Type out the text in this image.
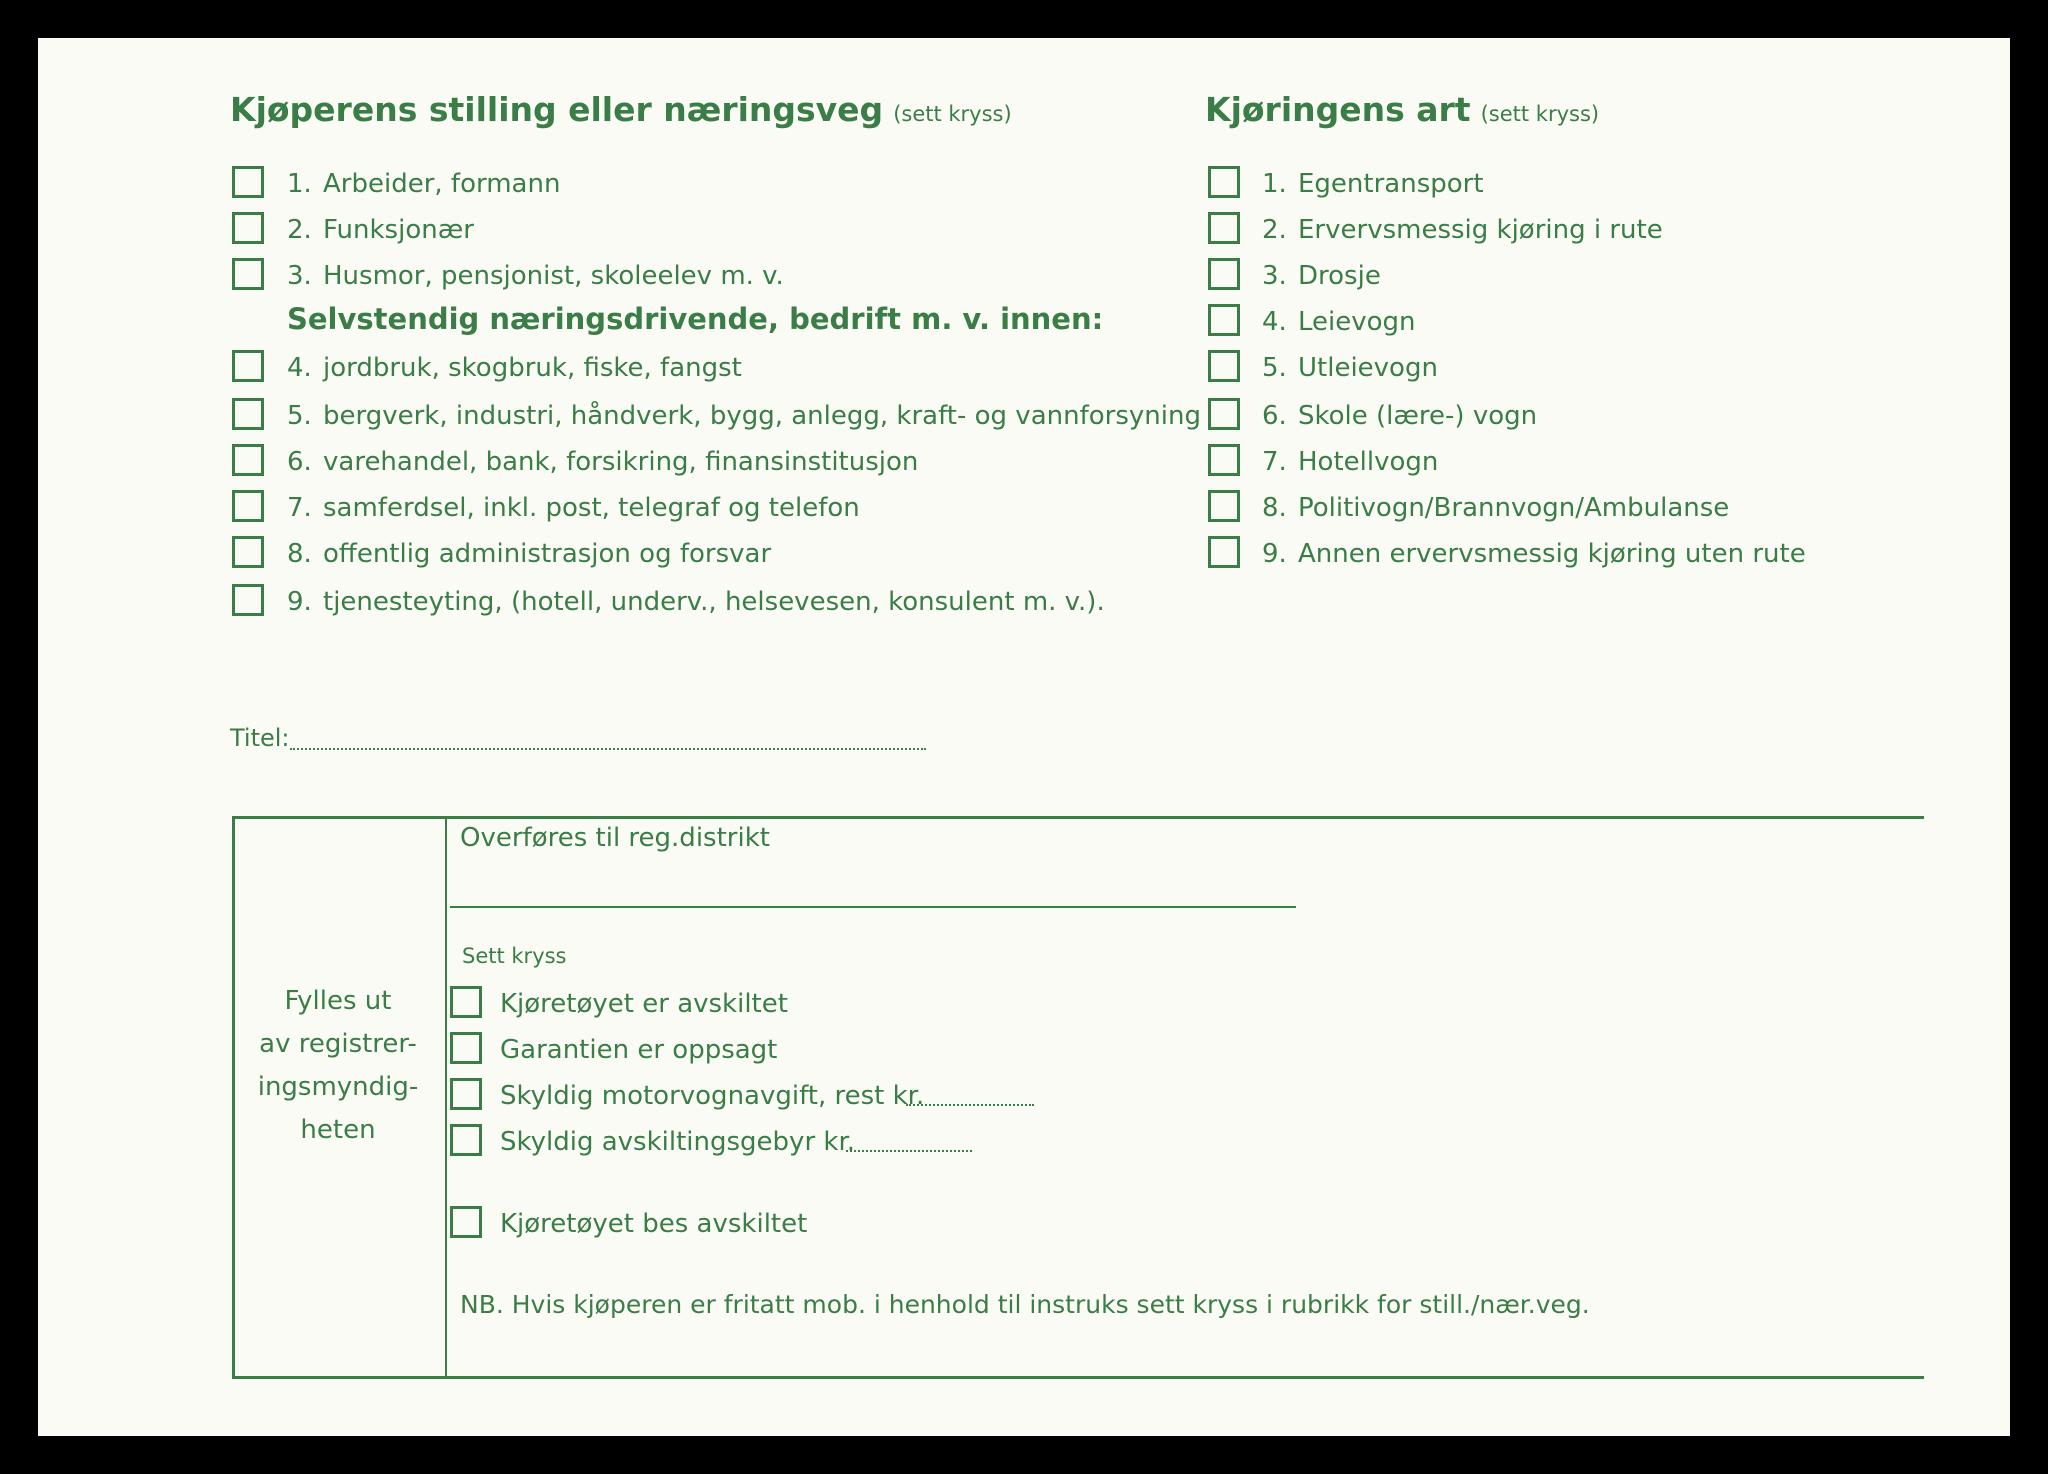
Kjøperens stilling eller næringsveg (sett kryss)	Kjøringens art (sett kryss)
1. Arbeider, formann
2. Funksjonær
3. Husmor, pensjonist, skoleelev m. v.
Selvstendig næringsdrivende, bedrift m. v. innen:
4. jordbruk, skogbruk, fiske, fangst
5. bergverk, industri, håndverk, bygg, anlegg, kraft- og vannforsyning
6. varehandel, bank, forsikring, finansinstitusjon
7. samferdsel, inkl. post, telegraf og telefon
8. offentlig administrasjon og forsvar
9. tjenesteyting, (hotell, underv., helsevesen, konsulent m. v.).
1. Egentransport
2. Ervervsmessig kjøring i rute
3. Drosje
4. Leievogn
5. Utleievogn
6. Skole (lære-) vogn
7. Hotellvogn
8. Politivogn/Brannvogn/Ambulanse
9. Annen ervervsmessig kjøring uten rute
Titel:
Fylles ut
av registrer-
ingsmyndig-
heten
Overføres til reg.distrikt
Sett kryss
Kjøretøyet er avskiltet
Garantien er oppsagt
Skyldig motorvognavgift, rest kr.
Skyldig avskiltingsgebyr kr.
Kjøretøyet bes avskiltet
NB. Hvis kjøperen er fritatt mob. i henhold til instruks sett kryss i rubrikk for still./nær.veg.
